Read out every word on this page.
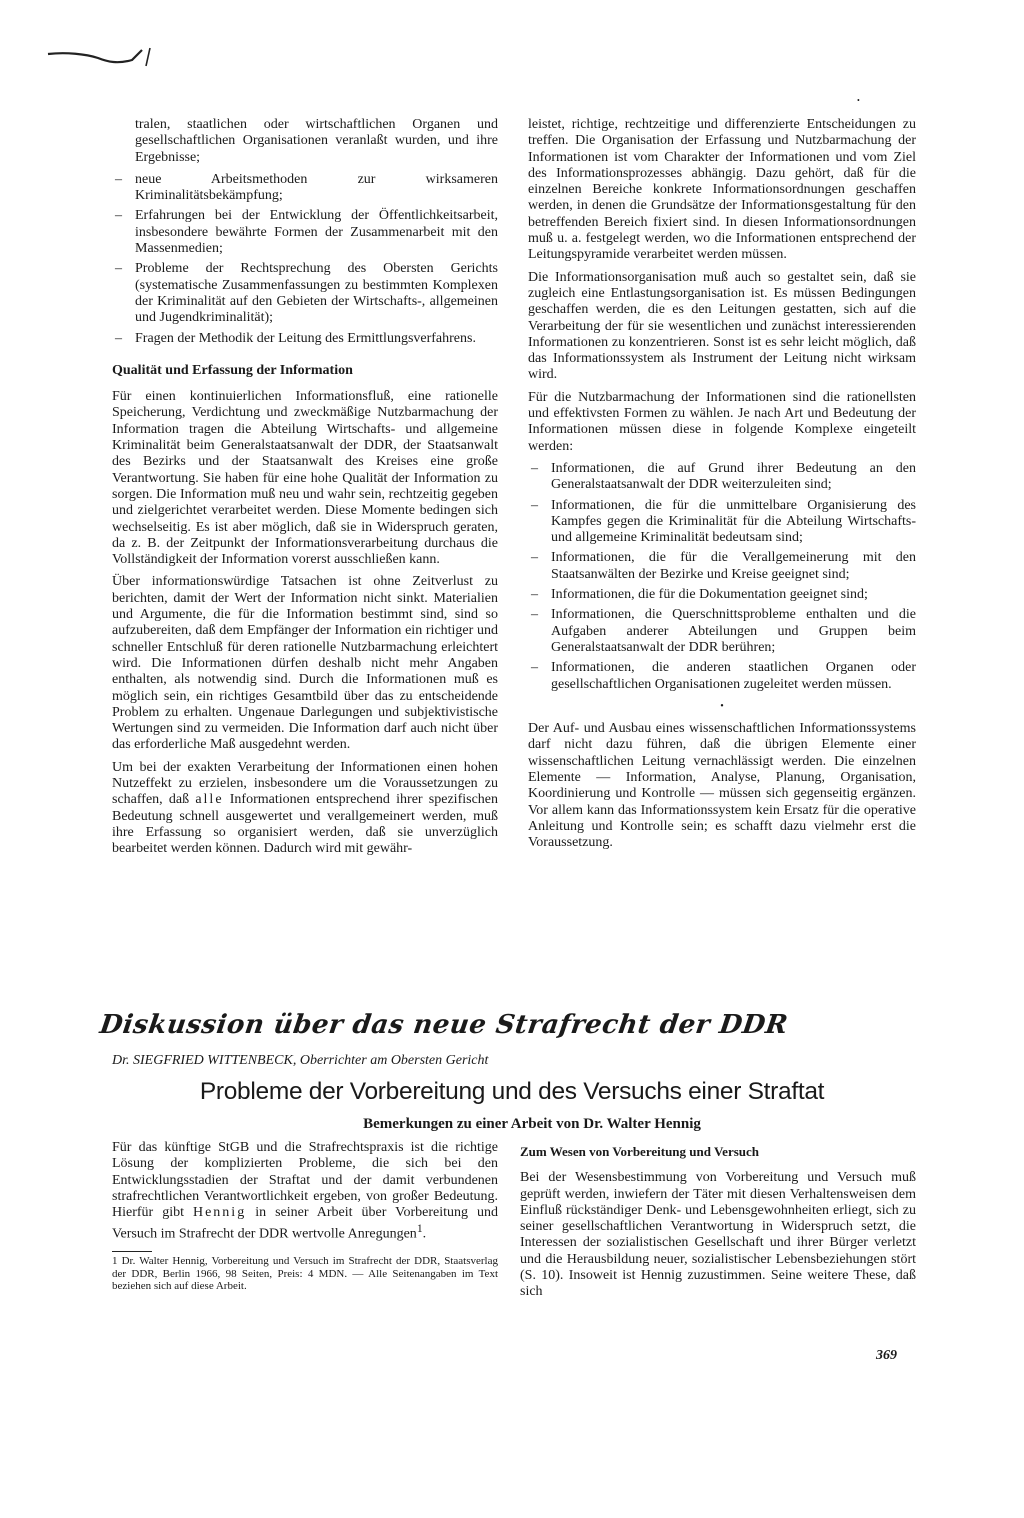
•

tralen, staatlichen oder wirtschaftlichen Organen und gesellschaftlichen Organisationen veranlaßt wurden, und ihre Ergebnisse;

– neue Arbeitsmethoden zur wirksameren Kriminalitätsbekämpfung;
– Erfahrungen bei der Entwicklung der Öffentlichkeitsarbeit, insbesondere bewährte Formen der Zusammenarbeit mit den Massenmedien;
– Probleme der Rechtsprechung des Obersten Gerichts (systematische Zusammenfassungen zu bestimmten Komplexen der Kriminalität auf den Gebieten der Wirtschafts-, allgemeinen und Jugendkriminalität);
– Fragen der Methodik der Leitung des Ermittlungsverfahrens.
Qualität und Erfassung der Information

Für einen kontinuierlichen Informationsfluß, eine rationelle Speicherung, Verdichtung und zweckmäßige Nutzbarmachung der Information tragen die Abteilung Wirtschafts- und allgemeine Kriminalität beim Generalstaatsanwalt der DDR, der Staatsanwalt des Bezirks und der Staatsanwalt des Kreises eine große Verantwortung. Sie haben für eine hohe Qualität der Information zu sorgen. Die Information muß neu und wahr sein, rechtzeitig gegeben und zielgerichtet verarbeitet werden. Diese Momente bedingen sich wechselseitig. Es ist aber möglich, daß sie in Widerspruch geraten, da z. B. der Zeitpunkt der Informationsverarbeitung durchaus die Vollständigkeit der Information vorerst ausschließen kann.

Über informationswürdige Tatsachen ist ohne Zeitverlust zu berichten, damit der Wert der Information nicht sinkt. Materialien und Argumente, die für die Information bestimmt sind, sind so aufzubereiten, daß dem Empfänger der Information ein richtiger und schneller Entschluß für deren rationelle Nutzbarmachung erleichtert wird. Die Informationen dürfen deshalb nicht mehr Angaben enthalten, als notwendig sind. Durch die Informationen muß es möglich sein, ein richtiges Gesamtbild über das zu entscheidende Problem zu erhalten. Ungenaue Darlegungen und subjektivistische Wertungen sind zu vermeiden. Die Information darf auch nicht über das erforderliche Maß ausgedehnt werden.

Um bei der exakten Verarbeitung der Informationen einen hohen Nutzeffekt zu erzielen, insbesondere um die Voraussetzungen zu schaffen, daß alle Informationen entsprechend ihrer spezifischen Bedeutung schnell ausgewertet und verallgemeinert werden, muß ihre Erfassung so organisiert werden, daß sie unverzüglich bearbeitet werden können. Dadurch wird mit gewähr-

leistet, richtige, rechtzeitige und differenzierte Entscheidungen zu treffen. Die Organisation der Erfassung und Nutzbarmachung der Informationen ist vom Charakter der Informationen und vom Ziel des Informationsprozesses abhängig. Dazu gehört, daß für die einzelnen Bereiche konkrete Informationsordnungen geschaffen werden, in denen die Grundsätze der Informationsgestaltung für den betreffenden Bereich fixiert sind. In diesen Informationsordnungen muß u. a. festgelegt werden, wo die Informationen entsprechend der Leitungspyramide verarbeitet werden müssen.

Die Informationsorganisation muß auch so gestaltet sein, daß sie zugleich eine Entlastungsorganisation ist. Es müssen Bedingungen geschaffen werden, die es den Leitungen gestatten, sich auf die Verarbeitung der für sie wesentlichen und zunächst interessierenden Informationen zu konzentrieren. Sonst ist es sehr leicht möglich, daß das Informationssystem als Instrument der Leitung nicht wirksam wird.

Für die Nutzbarmachung der Informationen sind die rationellsten und effektivsten Formen zu wählen. Je nach Art und Bedeutung der Informationen müssen diese in folgende Komplexe eingeteilt werden:

– Informationen, die auf Grund ihrer Bedeutung an den Generalstaatsanwalt der DDR weiterzuleiten sind;
– Informationen, die für die unmittelbare Organisierung des Kampfes gegen die Kriminalität für die Abteilung Wirtschafts- und allgemeine Kriminalität bedeutsam sind;
– Informationen, die für die Verallgemeinerung mit den Staatsanwälten der Bezirke und Kreise geeignet sind;
– Informationen, die für die Dokumentation geeignet sind;
– Informationen, die Querschnittsprobleme enthalten und die Aufgaben anderer Abteilungen und Gruppen beim Generalstaatsanwalt der DDR berühren;
– Informationen, die anderen staatlichen Organen oder gesellschaftlichen Organisationen zugeleitet werden müssen.
•

Der Auf- und Ausbau eines wissenschaftlichen Informationssystems darf nicht dazu führen, daß die übrigen Elemente einer wissenschaftlichen Leitung vernachlässigt werden. Die einzelnen Elemente — Information, Analyse, Planung, Organisation, Koordinierung und Kontrolle — müssen sich gegenseitig ergänzen. Vor allem kann das Informationssystem kein Ersatz für die operative Anleitung und Kontrolle sein; es schafft dazu vielmehr erst die Voraussetzung.

Diskussion über das neue Strafrecht der DDR
Dr. SIEGFRIED WITTENBECK, Oberrichter am Obersten Gericht
Probleme der Vorbereitung und des Versuchs einer Straftat
Bemerkungen zu einer Arbeit von Dr. Walter Hennig

Für das künftige StGB und die Strafrechtspraxis ist die richtige Lösung der komplizierten Probleme, die sich bei den Entwicklungsstadien der Straftat und der damit verbundenen strafrechtlichen Verantwortlichkeit ergeben, von großer Bedeutung. Hierfür gibt Hennig in seiner Arbeit über Vorbereitung und Versuch im Strafrecht der DDR wertvolle Anregungen$^1$.

1 Dr. Walter Hennig, Vorbereitung und Versuch im Strafrecht der DDR, Staatsverlag der DDR, Berlin 1966, 98 Seiten, Preis: 4 MDN. — Alle Seitenangaben im Text beziehen sich auf diese Arbeit.
Zum Wesen von Vorbereitung und Versuch

Bei der Wesensbestimmung von Vorbereitung und Versuch muß geprüft werden, inwiefern der Täter mit diesen Verhaltensweisen dem Einfluß rückständiger Denk- und Lebensgewohnheiten erliegt, sich zu seiner gesellschaftlichen Verantwortung in Widerspruch setzt, die Interessen der sozialistischen Gesellschaft und ihrer Bürger verletzt und die Herausbildung neuer, sozialistischer Lebensbeziehungen stört (S. 10). Insoweit ist Hennig zuzustimmen. Seine weitere These, daß sich

369
